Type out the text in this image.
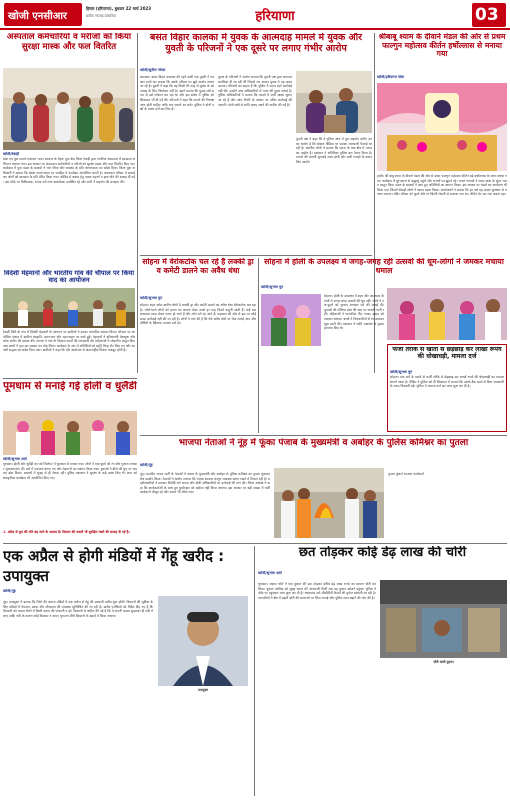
खोजी एनसीआर
हिसार (हरियाणा), बुधवार 22 मार्च 2023
प्रत्येक सप्ताह प्रकाशित	हरियाणा	03
अस्पताल कर्मचारियों व मरीजों को किया सुरक्षा मास्क और फल वितरित
खोजी/रेवाड़ी
खेल एवं युवा मामले मंत्रालय भारत सरकार के नेहरू युवा केंद्र जिला रेवाड़ी द्वारा नागरिक अस्पताल में स्वच्छता अभियान चलाया गया। इस अवसर पर अस्पताल कर्मचारियों व मरीजों को सुरक्षा मास्क और फल वितरित किए गए। कार्यक्रम में युवा मंडल के सदस्यों ने भाग लिया और स्वास्थ्य के प्रति जागरूकता का संदेश दिया। जिला युवा अधिकारी ने बताया कि संस्था समय-समय पर जनहित में कार्यक्रम आयोजित करती है। अस्पताल परिसर में सफाई कर लोगों को स्वच्छता के प्रति प्रेरित किया गया। कोविड से बचाव हेतु मास्क पहनने व हाथ धोने की सलाह दी गई। इस मौके पर चिकित्सक, स्टाफ नर्स तथा स्वयंसेवक उपस्थित रहे और सभी ने सहयोग की सराहना की।
विदेशी मेहमानों और भारतीय गांव की चौपाल पर किया वाद का आयोजन
रेवाड़ी जिले के गांव में विदेशी मेहमानों के आगमन पर ग्रामीणों ने उनका पारंपरिक स्वागत किया। चौपाल पर आयोजित संवाद में ग्रामीण संस्कृति, खान-पान और रहन-सहन पर चर्चा हुई। मेहमानों ने हरियाणवी वेशभूषा और लोक संगीत की प्रशंसा की। सरपंच ने गांव के विकास कार्यों की जानकारी दी। महिलाओं ने लोकगीत प्रस्तुत किए तथा बच्चों ने नृत्य कर सबका मन मोह लिया। कार्यक्रम के अंत में अतिथियों को स्मृति चिन्ह भेंट किए गए और आपसी सद्भाव का संदेश दिया गया। ग्रामीणों ने कहा कि ऐसे आयोजन से अंतरराष्ट्रीय मित्रता मजबूत होती है।
बसंत विहार कालका में युवक के आत्मदाह मामले में युवक और युवती के परिजनों ने एक दूसरे पर लगाए गंभीर आरोप
खोजी/सुनील गोयल
कालका। बसंत विहार कालका की रहने वाली एक युवती ने पत्रकार वार्ता कर बताया कि उसके परिवार पर झूठे आरोप लगाए जा रहे हैं। युवती ने कहा कि वह किसी भी तरह से युवक के आत्मदाह के लिए जिम्मेदार नहीं है। उसने बताया कि युवक लंबे समय से उसे परेशान कर रहा था और इस संबंध में पुलिस को शिकायत भी दी गई थी। परिजनों ने कहा कि मामले की निष्पक्ष जांच होनी चाहिए ताकि सच सामने आ सके। पुलिस ने दोनों पक्षों के बयान दर्ज कर लिए हैं।
युवक के परिजनों ने आरोप लगाया कि युवती पक्ष द्वारा लगातार धमकियां दी जा रही थीं जिससे तंग आकर युवक ने यह कदम उठाया। परिजनों का कहना है कि पुलिस ने समय रहते कार्रवाई नहीं की। उन्होंने उच्च अधिकारियों से न्याय की गुहार लगाई है। पुलिस अधिकारियों ने बताया कि मामले में सभी साक्ष्य जुटाए जा रहे हैं और जांच रिपोर्ट के आधार पर उचित कार्रवाई की जाएगी। दोनों पक्षों से शांति बनाए रखने की अपील की गई है।
युवती पक्ष ने कहा कि वे पुलिस जांच में पूरा सहयोग करेंगे। उनका आरोप है कि सोशल मीडिया पर भ्रामक जानकारी फैलाई जा रही है। स्थानीय लोगों ने बताया कि घटना के बाद क्षेत्र में तनाव का माहौल है। प्रशासन ने अतिरिक्त पुलिस बल तैनात किया है। मामले की अगली सुनवाई जल्द होगी और सभी गवाहों के बयान लिए जाएंगे।
श्रीबाबू श्याम के दीवाने मंडल की ओर से प्रथम फाल्गुन महोत्सव कीर्तन हर्षोल्लास से मनाया गया
खोजी/हरियाणा पोस्ट
हांसी। श्री बाबू श्याम के दीवाने मंडल की ओर से प्रथम फाल्गुन महोत्सव कीर्तन बड़े हर्षोल्लास के साथ मनाया गया। कार्यक्रम में दूर-दराज से श्रद्धालु पहुंचे और भजनों पर झूमते रहे। भजन गायकों ने श्याम बाबा के सुंदर भजन प्रस्तुत किए। मंडल के सदस्यों ने आए हुए अतिथियों का स्वागत किया। इस अवसर पर भंडारे का आयोजन भी किया गया जिसमें सैकड़ों लोगों ने प्रसाद ग्रहण किया। आयोजकों ने बताया कि हर वर्ष यह उत्सव धूमधाम से मनाया जाएगा। मंदिर परिसर को फूलों और रंग-बिरंगी रोशनी से सजाया गया था। कीर्तन देर रात तक चलता रहा।
सोहना में वेरोकटोक चल रहे हैं लक्की ड्रा व कमेटी डालने का अवैध धंधा
खोजी/सुभाष चुग
सोहना। शहर समेत ग्रामीण क्षेत्रों में लक्की ड्रा और कमेटी डालने का अवैध धंधा बेरोकटोक चल रहा है। भोले-भाले लोगों को इनाम का लालच देकर उनसे हर माह किस्तें वसूली जाती हैं। कई बार संचालक रकम लेकर फरार हो जाते हैं और लोग ठगे रह जाते हैं। प्रशासन की ओर से इस पर कोई सख्त कार्रवाई नहीं की जा रही है। लोगों ने मांग की है कि ऐसे अवैध धंधों पर रोक लगाई जाए और दोषियों के खिलाफ मामला दर्ज हो।
सोहना में होली के उपलक्ष्य में जगह-जगह रही उत्सवों की धूम-लोगों ने जमकर मचाया धमाल
खोजी/सुभाष चुग
सोहना। होली के उपलक्ष्य में शहर और आसपास के गांवों में जगह-जगह उत्सवों की धूम रही। लोगों ने एक-दूसरे को गुलाल लगाकर पर्व की बधाई दी। युवाओं की टोलियां ढोल की थाप पर नाचती-गाती रहीं। महिलाओं ने पारंपरिक गीत गाकर उत्सव को यादगार बनाया। बच्चों ने पिचकारियों से रंग डालकर खूब मस्ती की। प्रशासन ने शांति व्यवस्था के पुख्ता इंतजाम किए थे।
फर्जी तरीके से खातों से छेड़छाड़ कर लाखों रूपये की धोखाधड़ी, मामला दर्ज
खोजी/सुभाष चुग
सोहना। एक फर्म के खातों से फर्जी तरीके से छेड़छाड़ कर लाखों रुपये की धोखाधड़ी का मामला सामने आया है। पीड़ित ने पुलिस को दी शिकायत में बताया कि उसके बैंक खाते से बिना जानकारी के रकम निकाली गई। पुलिस ने मामला दर्ज कर जांच शुरू कर दी है।
पूमधाम से मनाई गई होली व धुलैंडी
खोजी/सुभाष आर्य
गुरुग्राम। होली और धुलैंडी का पर्व जिलेभर में धूमधाम से मनाया गया। लोगों ने एक-दूसरे को रंग और गुलाल लगाकर शुभकामनाएं दीं। घरों में पकवान बनाए गए और मेहमानों का स्वागत किया गया। युवाओं ने डीजे की धुन पर जमकर डांस किया। बाजारों में सुबह से ही रौनक रही। पुलिस प्रशासन ने सुरक्षा के कड़े प्रबंध किए थे। शाम को सांस्कृतिक कार्यक्रम भी आयोजित किए गए।
1. अप्रैल से लुत की गति बढ़ जाने के आसार है। किसान की फसलें भी सुरक्षित रखने की सलाह दी गई है।
भाजपा नेताओं ने नूंह में फूंका पंजाब के मुख्यमंत्री व अबोहर के पुलिस कमिश्नर का पुतला
खोजी/नूंह
नूंह। भारतीय जनता पार्टी के नेताओं ने पंजाब के मुख्यमंत्री और अबोहर के पुलिस कमिश्नर का पुतला फूंककर रोष प्रदर्शन किया। नेताओं ने आरोप लगाया कि पंजाब सरकार कानून व्यवस्था बनाए रखने में विफल रही है। प्रदर्शनकारियों ने सरकार विरोधी नारे लगाए और दोषी अधिकारियों पर कार्रवाई की मांग की। जिला अध्यक्ष ने कहा कि कार्यकर्ताओं के साथ हुए दुर्व्यवहार को बर्दाश्त नहीं किया जाएगा। इस अवसर पर बड़ी संख्या में पार्टी कार्यकर्ता मौजूद रहे और ज्ञापन भी सौंपा गया।
पुतला फूंकते भाजपा कार्यकर्ता
एक अप्रैल से होगी मंडियों में गेंहू खरीद : उपायुक्त
खोजी/नूंह
नूंह। उपायुक्त ने बताया कि जिले की अनाज मंडियों में एक अप्रैल से गेहूं की सरकारी खरीद शुरू होगी। किसानों की सुविधा के लिए मंडियों में पेयजल, छाया और शौचालय की व्यवस्था सुनिश्चित की जा रही है। खरीद एजेंसियों को निर्देश दिए गए हैं कि किसानों को फसल बेचने में किसी प्रकार की परेशानी न हो। किसानों से अपील की गई है कि वे अपनी फसल सुखाकर ही मंडी में लाएं ताकि नमी के कारण कोई दिक्कत न आए। भुगतान सीधे किसानों के खातों में किया जाएगा।
उपायुक्त
छत तोड़कर कोई डेढ़ लाख की चोरी
खोजी/सुभाष आर्य
गुरुग्राम। अज्ञात चोरों ने एक दुकान की छत तोड़कर करीब डेढ़ लाख रुपये का सामान चोरी कर लिया। दुकान मालिक को सुबह घटना की जानकारी मिली जब वह दुकान खोलने पहुंचा। पुलिस ने मौके पर पहुंचकर जांच शुरू कर दी है। आसपास लगे सीसीटीवी कैमरों की फुटेज खंगाली जा रही है। व्यापारियों ने क्षेत्र में बढ़ती चोरी की घटनाओं पर चिंता जताई और पुलिस गश्त बढ़ाने की मांग की है।
चोरी वाली दुकान
